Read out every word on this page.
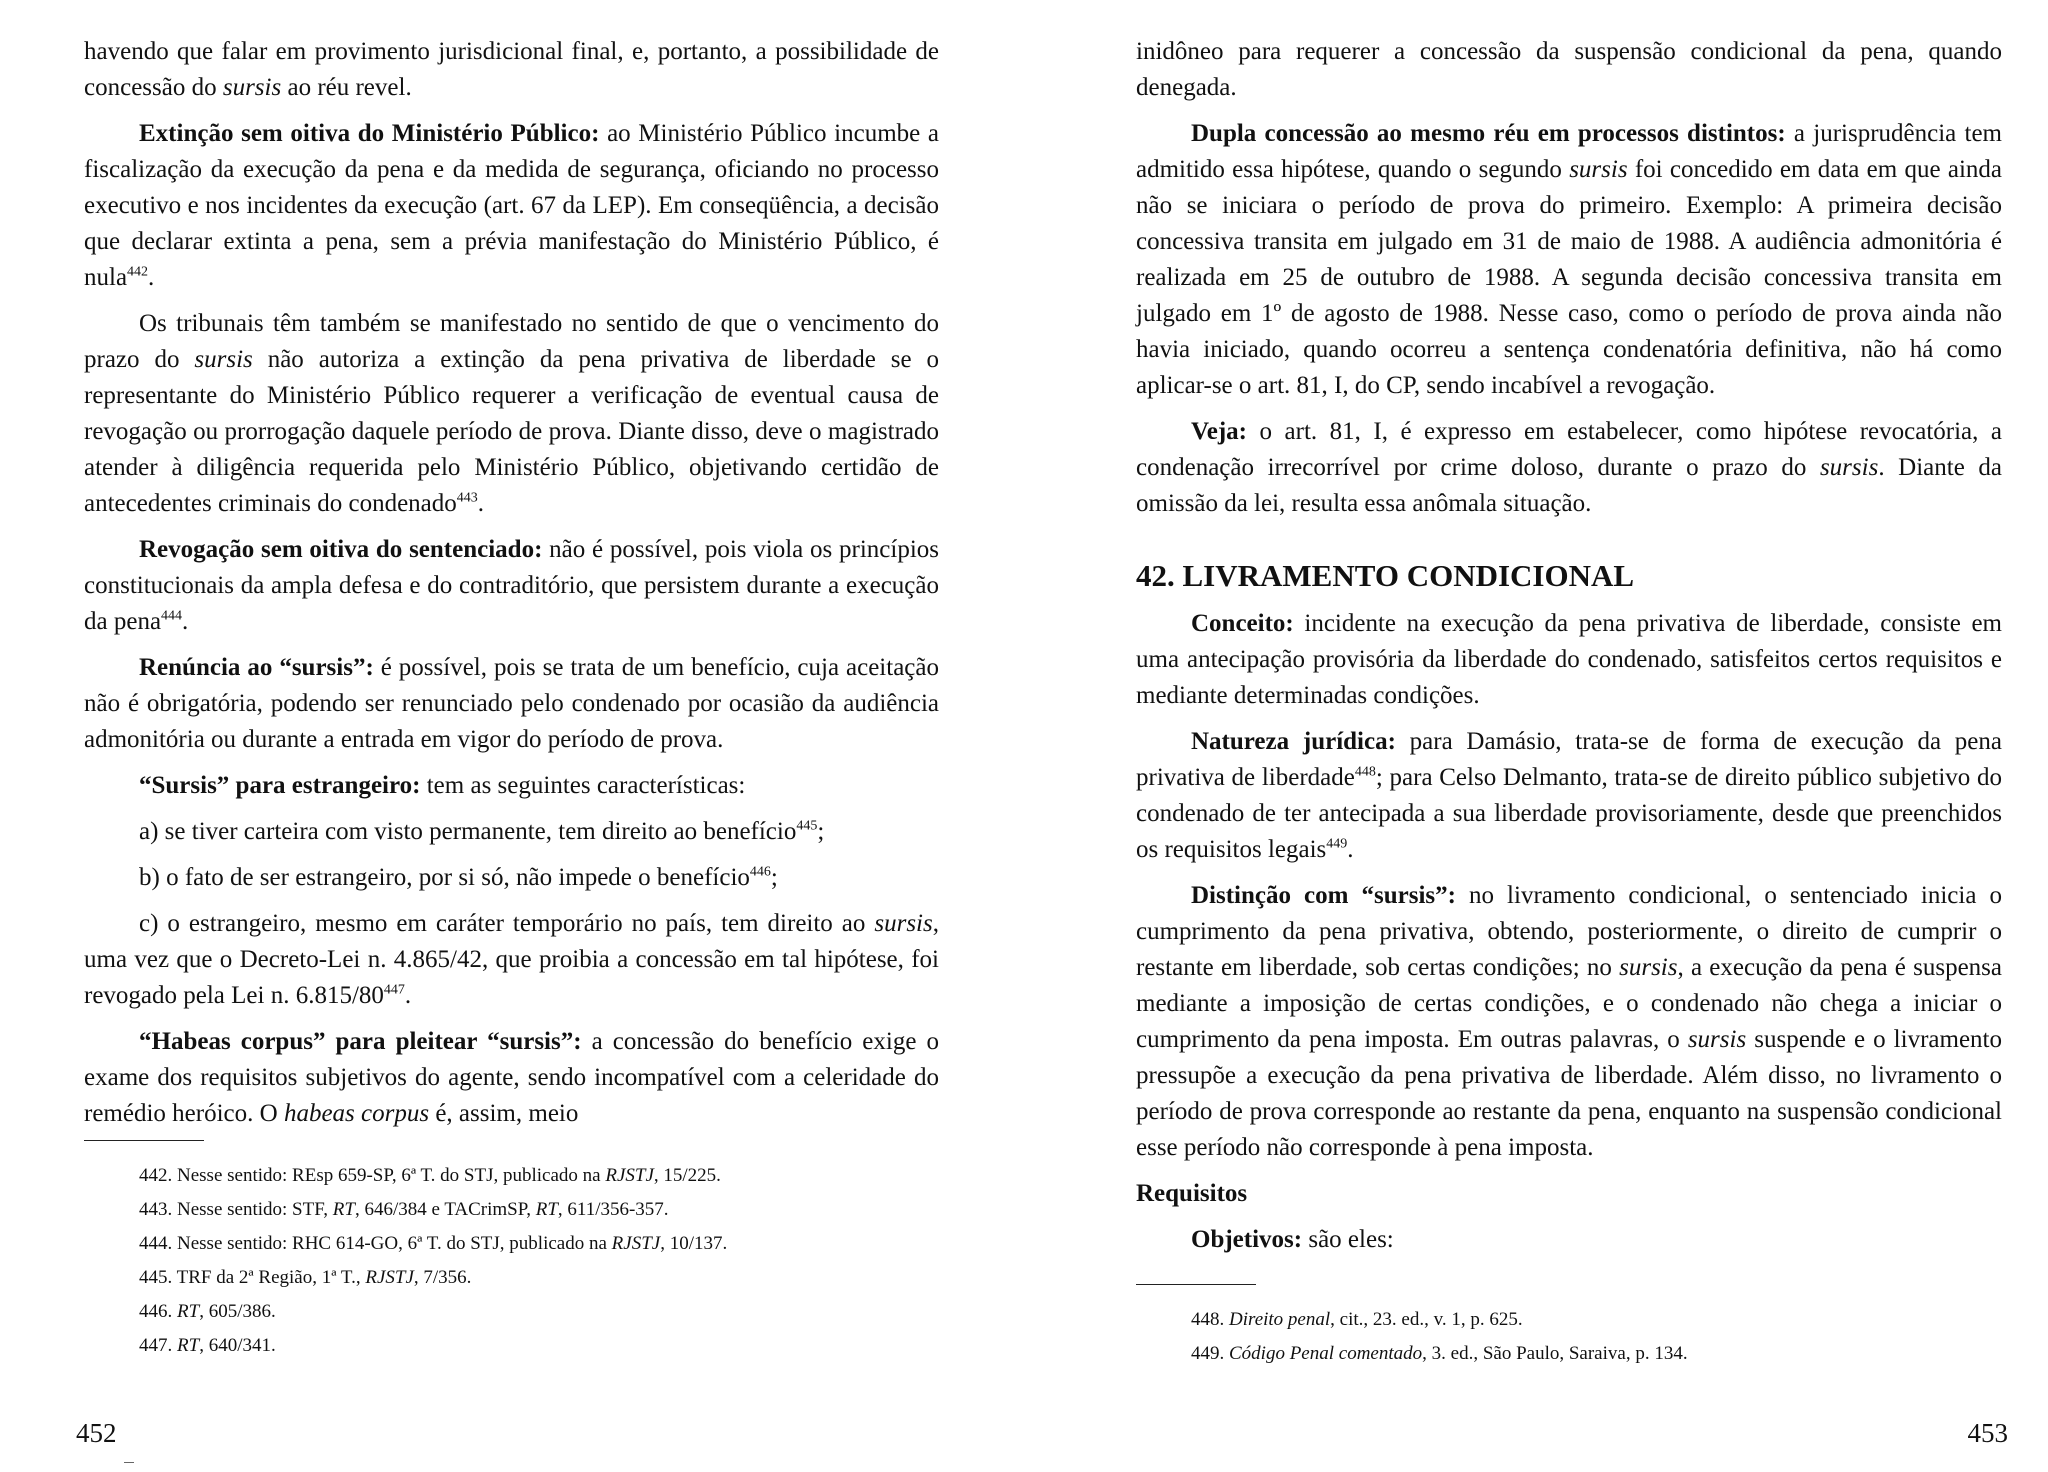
havendo que falar em provimento jurisdicional final, e, portanto, a possibilidade de concessão do sursis ao réu revel.

Extinção sem oitiva do Ministério Público: ao Ministério Público incumbe a fiscalização da execução da pena e da medida de segurança, oficiando no processo executivo e nos incidentes da execução (art. 67 da LEP). Em conseqüência, a decisão que declarar extinta a pena, sem a prévia manifestação do Ministério Público, é nula$^{442}$.

Os tribunais têm também se manifestado no sentido de que o vencimento do prazo do sursis não autoriza a extinção da pena privativa de liberdade se o representante do Ministério Público requerer a verificação de eventual causa de revogação ou prorrogação daquele período de prova. Diante disso, deve o magistrado atender à diligência requerida pelo Ministério Público, objetivando certidão de antecedentes criminais do condenado$^{443}$.

Revogação sem oitiva do sentenciado: não é possível, pois viola os princípios constitucionais da ampla defesa e do contraditório, que persistem durante a execução da pena$^{444}$.

Renúncia ao “sursis”: é possível, pois se trata de um benefício, cuja aceitação não é obrigatória, podendo ser renunciado pelo condenado por ocasião da audiência admonitória ou durante a entrada em vigor do período de prova.

“Sursis” para estrangeiro: tem as seguintes características:

a) se tiver carteira com visto permanente, tem direito ao benefício$^{445}$;

b) o fato de ser estrangeiro, por si só, não impede o benefício$^{446}$;

c) o estrangeiro, mesmo em caráter temporário no país, tem direito ao sursis, uma vez que o Decreto-Lei n. 4.865/42, que proibia a concessão em tal hipótese, foi revogado pela Lei n. $6.815/80^{447}$.

“Habeas corpus” para pleitear “sursis”: a concessão do benefício exige o exame dos requisitos subjetivos do agente, sendo incompatível com a celeridade do remédio heróico. O habeas corpus é, assim, meio

442. Nesse sentido: REsp 659-SP, 6ª T. do STJ, publicado na RJSTJ, 15/225.
443. Nesse sentido: STF, RT, 646/384 e TACrimSP, RT, 611/356-357.
444. Nesse sentido: RHC 614-GO, 6ª T. do STJ, publicado na RJSTJ, 10/137.
445. TRF da 2ª Região, 1ª T., RJSTJ, 7/356.
446. RT, 605/386.
447. RT, 640/341.
452

inidôneo para requerer a concessão da suspensão condicional da pena, quando denegada.

Dupla concessão ao mesmo réu em processos distintos: a jurisprudência tem admitido essa hipótese, quando o segundo sursis foi concedido em data em que ainda não se iniciara o período de prova do primeiro. Exemplo: A primeira decisão concessiva transita em julgado em 31 de maio de 1988. A audiência admonitória é realizada em 25 de outubro de 1988. A segunda decisão concessiva transita em julgado em 1º de agosto de 1988. Nesse caso, como o período de prova ainda não havia iniciado, quando ocorreu a sentença condenatória definitiva, não há como aplicar-se o art. 81, I, do CP, sendo incabível a revogação.

Veja: o art. 81, I, é expresso em estabelecer, como hipótese revocatória, a condenação irrecorrível por crime doloso, durante o prazo do sursis. Diante da omissão da lei, resulta essa anômala situação.

42. LIVRAMENTO CONDICIONAL

Conceito: incidente na execução da pena privativa de liberdade, consiste em uma antecipação provisória da liberdade do condenado, satisfeitos certos requisitos e mediante determinadas condições.

Natureza jurídica: para Damásio, trata-se de forma de execução da pena privativa de liberdade$^{448}$; para Celso Delmanto, trata-se de direito público subjetivo do condenado de ter antecipada a sua liberdade provisoriamente, desde que preenchidos os requisitos legais$^{449}$.

Distinção com “sursis”: no livramento condicional, o sentenciado inicia o cumprimento da pena privativa, obtendo, posteriormente, o direito de cumprir o restante em liberdade, sob certas condições; no sursis, a execução da pena é suspensa mediante a imposição de certas condições, e o condenado não chega a iniciar o cumprimento da pena imposta. Em outras palavras, o sursis suspende e o livramento pressupõe a execução da pena privativa de liberdade. Além disso, no livramento o período de prova corresponde ao restante da pena, enquanto na suspensão condicional esse período não corresponde à pena imposta.

Requisitos

Objetivos: são eles:

448. Direito penal, cit., 23. ed., v. 1, p. 625.
449. Código Penal comentado, 3. ed., São Paulo, Saraiva, p. 134.
453
